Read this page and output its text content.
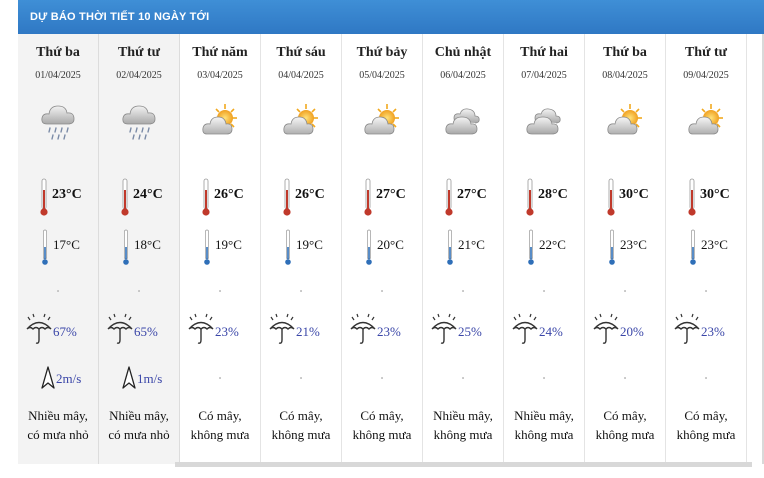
DỰ BÁO THỜI TIẾT 10 NGÀY TỚI
Thứ ba
01/04/2025
23°C
17°C
•
67%
2m/s
Nhiều mây,
có mưa nhỏ
Thứ tư
02/04/2025
24°C
18°C
•
65%
1m/s
Nhiều mây,
có mưa nhỏ
Thứ năm
03/04/2025
26°C
19°C
•
23%
•
Có mây,
không mưa
Thứ sáu
04/04/2025
26°C
19°C
•
21%
•
Có mây,
không mưa
Thứ bảy
05/04/2025
27°C
20°C
•
23%
•
Có mây,
không mưa
Chủ nhật
06/04/2025
27°C
21°C
•
25%
•
Nhiều mây,
không mưa
Thứ hai
07/04/2025
28°C
22°C
•
24%
•
Nhiều mây,
không mưa
Thứ ba
08/04/2025
30°C
23°C
•
20%
•
Có mây,
không mưa
Thứ tư
09/04/2025
30°C
23°C
•
23%
•
Có mây,
không mưa
